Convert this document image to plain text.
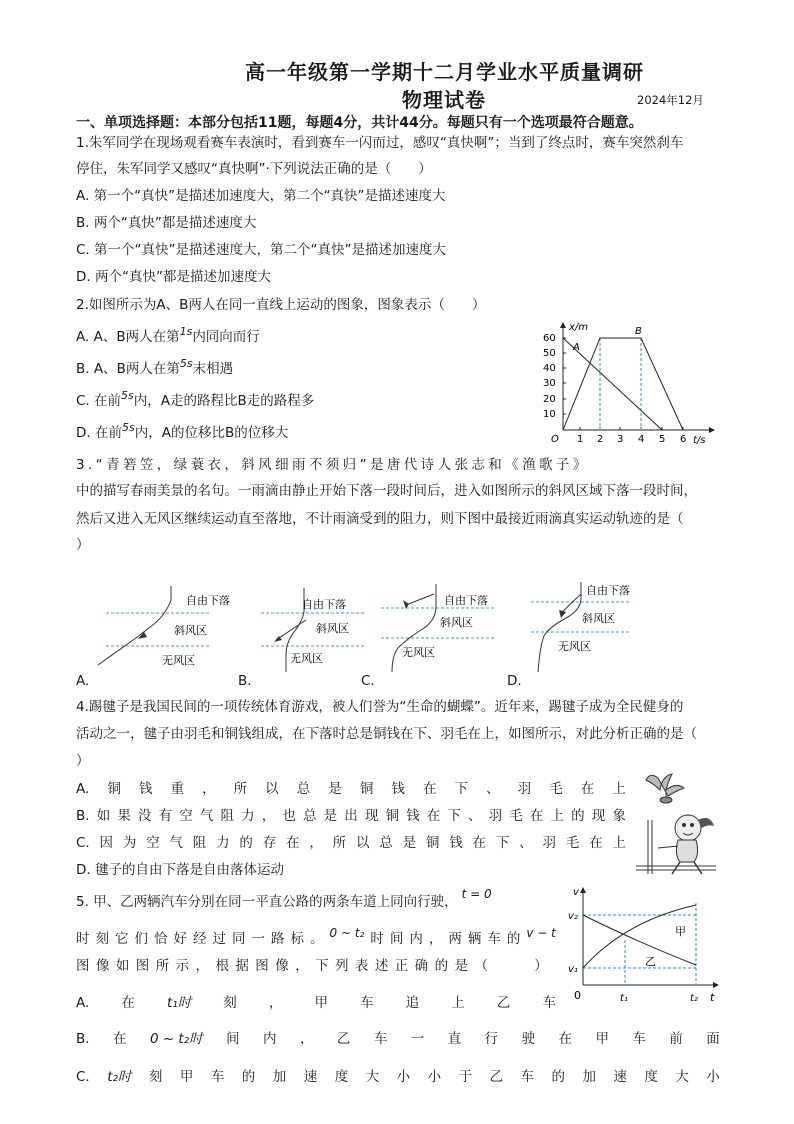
高一年级第一学期十二月学业水平质量调研
物理试卷	2024年12月
一、单项选择题：本部分包括11题，每题4分，共计44分。每题只有一个选项最符合题意。
1.朱军同学在现场观看赛车表演时，看到赛车一闪而过，感叹“真快啊”；当到了终点时，赛车突然刹车
停住，朱军同学又感叹“真快啊”·下列说法正确的是（　　）
A. 第一个“真快”是描述加速度大，第二个“真快”是描述速度大
B. 两个“真快”都是描述速度大
C. 第一个“真快”是描述速度大，第二个“真快”是描述加速度大
D. 两个“真快”都是描述加速度大
2.如图所示为A、B两人在同一直线上运动的图象，图象表示（　　）
A. A、B两人在第$^{1s}$内同向而行
B. A、B两人在第$^{5s}$末相遇
C. 在前$^{5s}$内，A走的路程比B走的路程多
D. 在前$^{5s}$内，A的位移比B的位移大
x/m
t/s
O
10
20
30
40
50
60
1 2 3 4 5 6
A
B
3.“青箬笠，绿蓑衣，斜风细雨不须归”是唐代诗人张志和《渔歌子》
中的描写春雨美景的名句。一雨滴由静止开始下落一段时间后，进入如图所示的斜风区域下落一段时间，
然后又进入无风区继续运动直至落地，不计雨滴受到的阻力，则下图中最接近雨滴真实运动轨迹的是（
）
自由下落
斜风区
无风区
自由下落
斜风区
无风区
自由下落
斜风区
无风区
自由下落
斜风区
无风区
A.	B.	C.	D.
4.踢毽子是我国民间的一项传统体育游戏，被人们誉为“生命的蝴蝶”。近年来，踢毽子成为全民健身的
活动之一，毽子由羽毛和铜钱组成，在下落时总是铜钱在下、羽毛在上，如图所示，对此分析正确的是（
）
A. 铜 钱 重 ， 所 以 总 是 铜 钱 在 下 、 羽 毛 在 上
B. 如 果 没 有 空 气 阻 力 ， 也 总 是 出 现 铜 钱 在 下 、 羽 毛 在 上 的 现 象
C. 因 为 空 气 阻 力 的 存 在 ， 所 以 总 是 铜 钱 在 下 、 羽 毛 在 上
D. 毽子的自由下落是自由落体运动
5. 甲、乙两辆汽车分别在同一平直公路的两条车道上同向行驶， t = 0
时 刻 它 们 恰 好 经 过 同 一 路 标 。 0 ~ t₂ 时 间 内 ， 两 辆 车 的 v − t
图 像 如 图 所 示 ， 根 据 图 像 ， 下 列 表 述 正 确 的 是 （

　	）
A. 在 t₁时 刻 ， 甲 车 追 上 乙 车
B. 在 0 ~ t₂时 间 内 ， 乙 车 一 直 行 驶 在 甲 车 前 面
C. t₂时 刻 甲 车 的 加 速 度 大 小 小 于 乙 车 的 加 速 度 大 小
v
t
0
v₂
v₁
t₁	t₂
甲
乙
